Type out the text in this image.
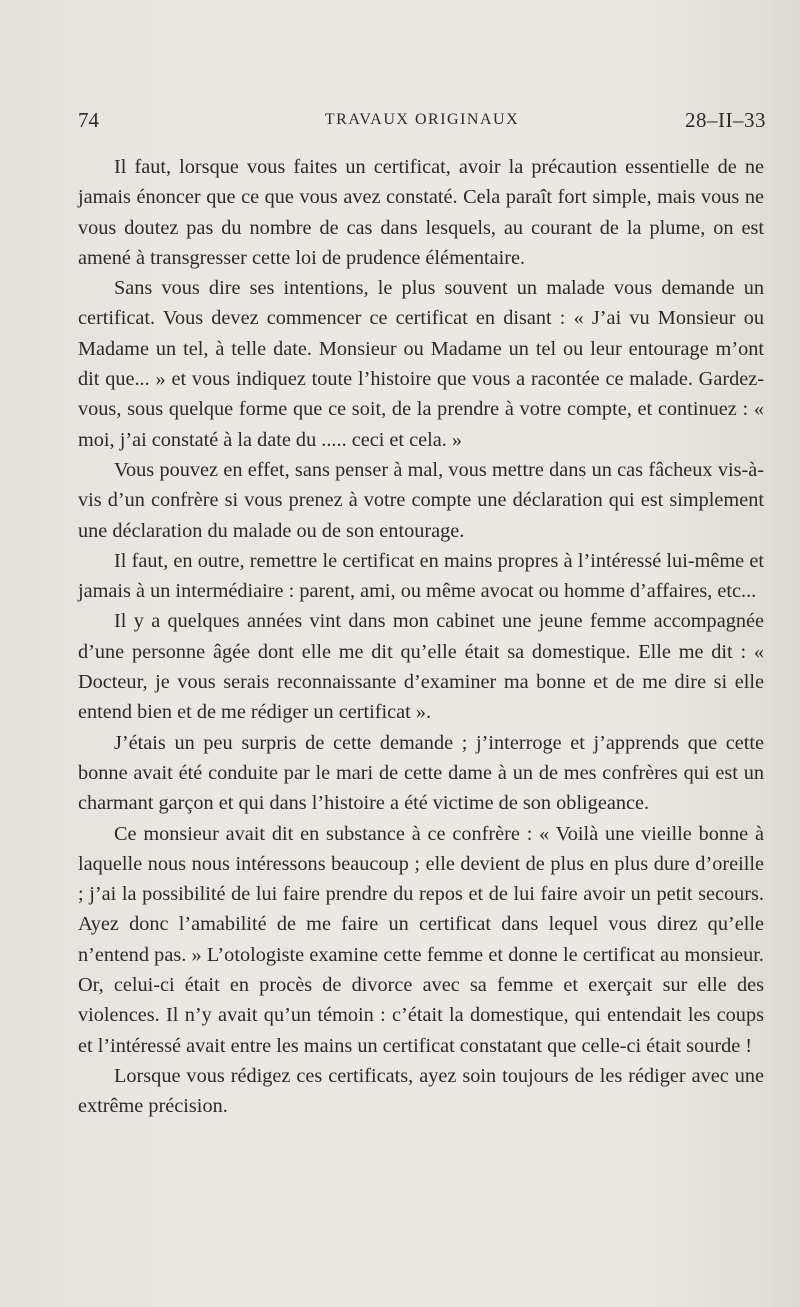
74	TRAVAUX ORIGINAUX	28–II–33

Il faut, lorsque vous faites un certificat, avoir la précaution essentielle de ne jamais énoncer que ce que vous avez constaté. Cela paraît fort simple, mais vous ne vous doutez pas du nombre de cas dans lesquels, au courant de la plume, on est amené à transgresser cette loi de prudence élémentaire.

Sans vous dire ses intentions, le plus souvent un malade vous demande un certificat. Vous devez commencer ce certificat en disant : « J’ai vu Monsieur ou Madame un tel, à telle date. Monsieur ou Madame un tel ou leur entourage m’ont dit que... » et vous indiquez toute l’histoire que vous a racontée ce malade. Gardez-vous, sous quelque forme que ce soit, de la prendre à votre compte, et continuez : « moi, j’ai constaté à la date du ..... ceci et cela. »

Vous pouvez en effet, sans penser à mal, vous mettre dans un cas fâcheux vis-à-vis d’un confrère si vous prenez à votre compte une déclaration qui est simplement une déclaration du malade ou de son entourage.

Il faut, en outre, remettre le certificat en mains propres à l’intéressé lui-même et jamais à un intermédiaire : parent, ami, ou même avocat ou homme d’affaires, etc...

Il y a quelques années vint dans mon cabinet une jeune femme accompagnée d’une personne âgée dont elle me dit qu’elle était sa domestique. Elle me dit : « Docteur, je vous serais reconnaissante d’examiner ma bonne et de me dire si elle entend bien et de me rédiger un certificat ».

J’étais un peu surpris de cette demande ; j’interroge et j’apprends que cette bonne avait été conduite par le mari de cette dame à un de mes confrères qui est un charmant garçon et qui dans l’histoire a été victime de son obligeance.

Ce monsieur avait dit en substance à ce confrère : « Voilà une vieille bonne à laquelle nous nous intéressons beaucoup ; elle devient de plus en plus dure d’oreille ; j’ai la possibilité de lui faire prendre du repos et de lui faire avoir un petit secours. Ayez donc l’amabilité de me faire un certificat dans lequel vous direz qu’elle n’entend pas. » L’otologiste examine cette femme et donne le certificat au monsieur. Or, celui-ci était en procès de divorce avec sa femme et exerçait sur elle des violences. Il n’y avait qu’un témoin : c’était la domestique, qui entendait les coups et l’intéressé avait entre les mains un certificat constatant que celle-ci était sourde !

Lorsque vous rédigez ces certificats, ayez soin toujours de les rédiger avec une extrême précision.
